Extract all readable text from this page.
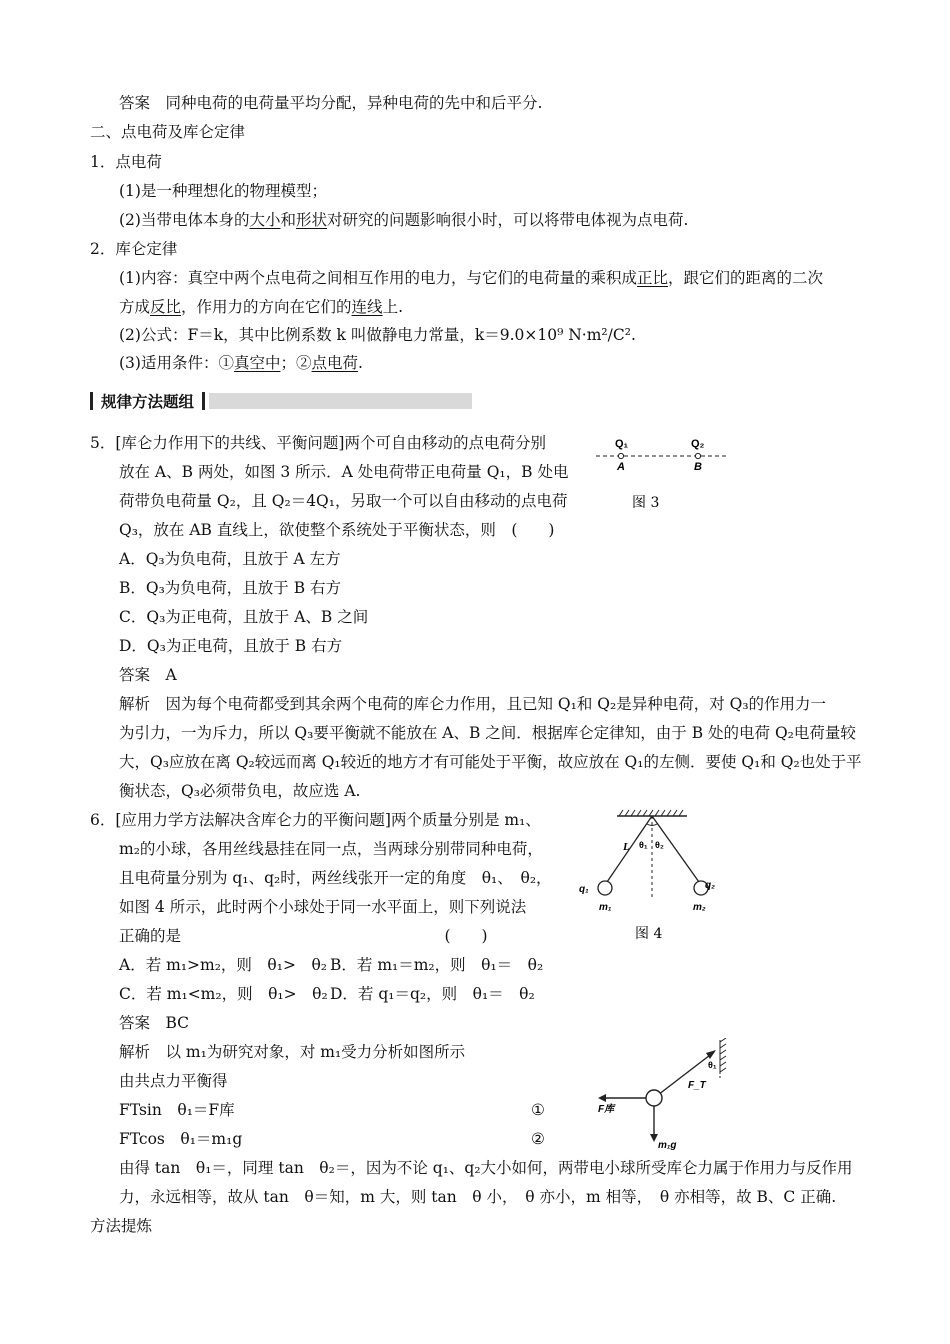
答案　同种电荷的电荷量平均分配，异种电荷的先中和后平分.
二、点电荷及库仑定律
1．点电荷
(1)是一种理想化的物理模型；
(2)当带电体本身的大小和形状对研究的问题影响很小时，可以将带电体视为点电荷.
2．库仑定律
(1)内容：真空中两个点电荷之间相互作用的电力，与它们的电荷量的乘积成正比，跟它们的距离的二次
方成反比，作用力的方向在它们的连线上.
(2)公式：F＝k，其中比例系数 k 叫做静电力常量，k＝9.0×10⁹ N·m²/C².
(3)适用条件：①真空中；②点电荷.
规律方法题组
5．[库仑力作用下的共线、平衡问题]两个可自由移动的点电荷分别
放在 A、B 两处，如图 3 所示．A 处电荷带正电荷量 Q₁，B 处电
荷带负电荷量 Q₂，且 Q₂＝4Q₁，另取一个可以自由移动的点电荷
Q₃，放在 AB 直线上，欲使整个系统处于平衡状态，则　(　　)
A．Q₃为负电荷，且放于 A 左方
B．Q₃为负电荷，且放于 B 右方
C．Q₃为正电荷，且放于 A、B 之间
D．Q₃为正电荷，且放于 B 右方
答案　A
解析　因为每个电荷都受到其余两个电荷的库仑力作用，且已知 Q₁和 Q₂是异种电荷，对 Q₃的作用力一
为引力，一为斥力，所以 Q₃要平衡就不能放在 A、B 之间．根据库仑定律知，由于 B 处的电荷 Q₂电荷量较
大，Q₃应放在离 Q₂较远而离 Q₁较近的地方才有可能处于平衡，故应放在 Q₁的左侧．要使 Q₁和 Q₂也处于平
衡状态，Q₃必须带负电，故应选 A.
Q₁	Q₂
A	B
图 3
6．[应用力学方法解决含库仑力的平衡问题]两个质量分别是 m₁、
m₂的小球，各用丝线悬挂在同一点，当两球分别带同种电荷，
且电荷量分别为 q₁、q₂时，两丝线张开一定的角度　θ₁、　θ₂，
如图 4 所示，此时两个小球处于同一水平面上，则下列说法
正确的是　　　　　　　　　　　　　　　　　(　　)
A．若 m₁>m₂，则　θ₁>　θ₂ B．若 m₁＝m₂，则　θ₁＝　θ₂
C．若 m₁<m₂，则　θ₁>　θ₂ D．若 q₁＝q₂，则　θ₁＝　θ₂
答案　BC
解析　以 m₁为研究对象，对 m₁受力分析如图所示
由共点力平衡得
FTsin　θ₁＝F库	①
FTcos　θ₁＝m₁g	②
由得 tan　θ₁＝，同理 tan　θ₂＝，因为不论 q₁、q₂大小如何，两带电小球所受库仑力属于作用力与反作用
力，永远相等，故从 tan　θ＝知，m 大，则 tan　θ 小，　θ 亦小，m 相等，　θ 亦相等，故 B、C 正确.
方法提炼
L θ₁ θ₂
q₁	q₂
m₁	m₂
图 4
F_T
F库
m₁g
θ₁
